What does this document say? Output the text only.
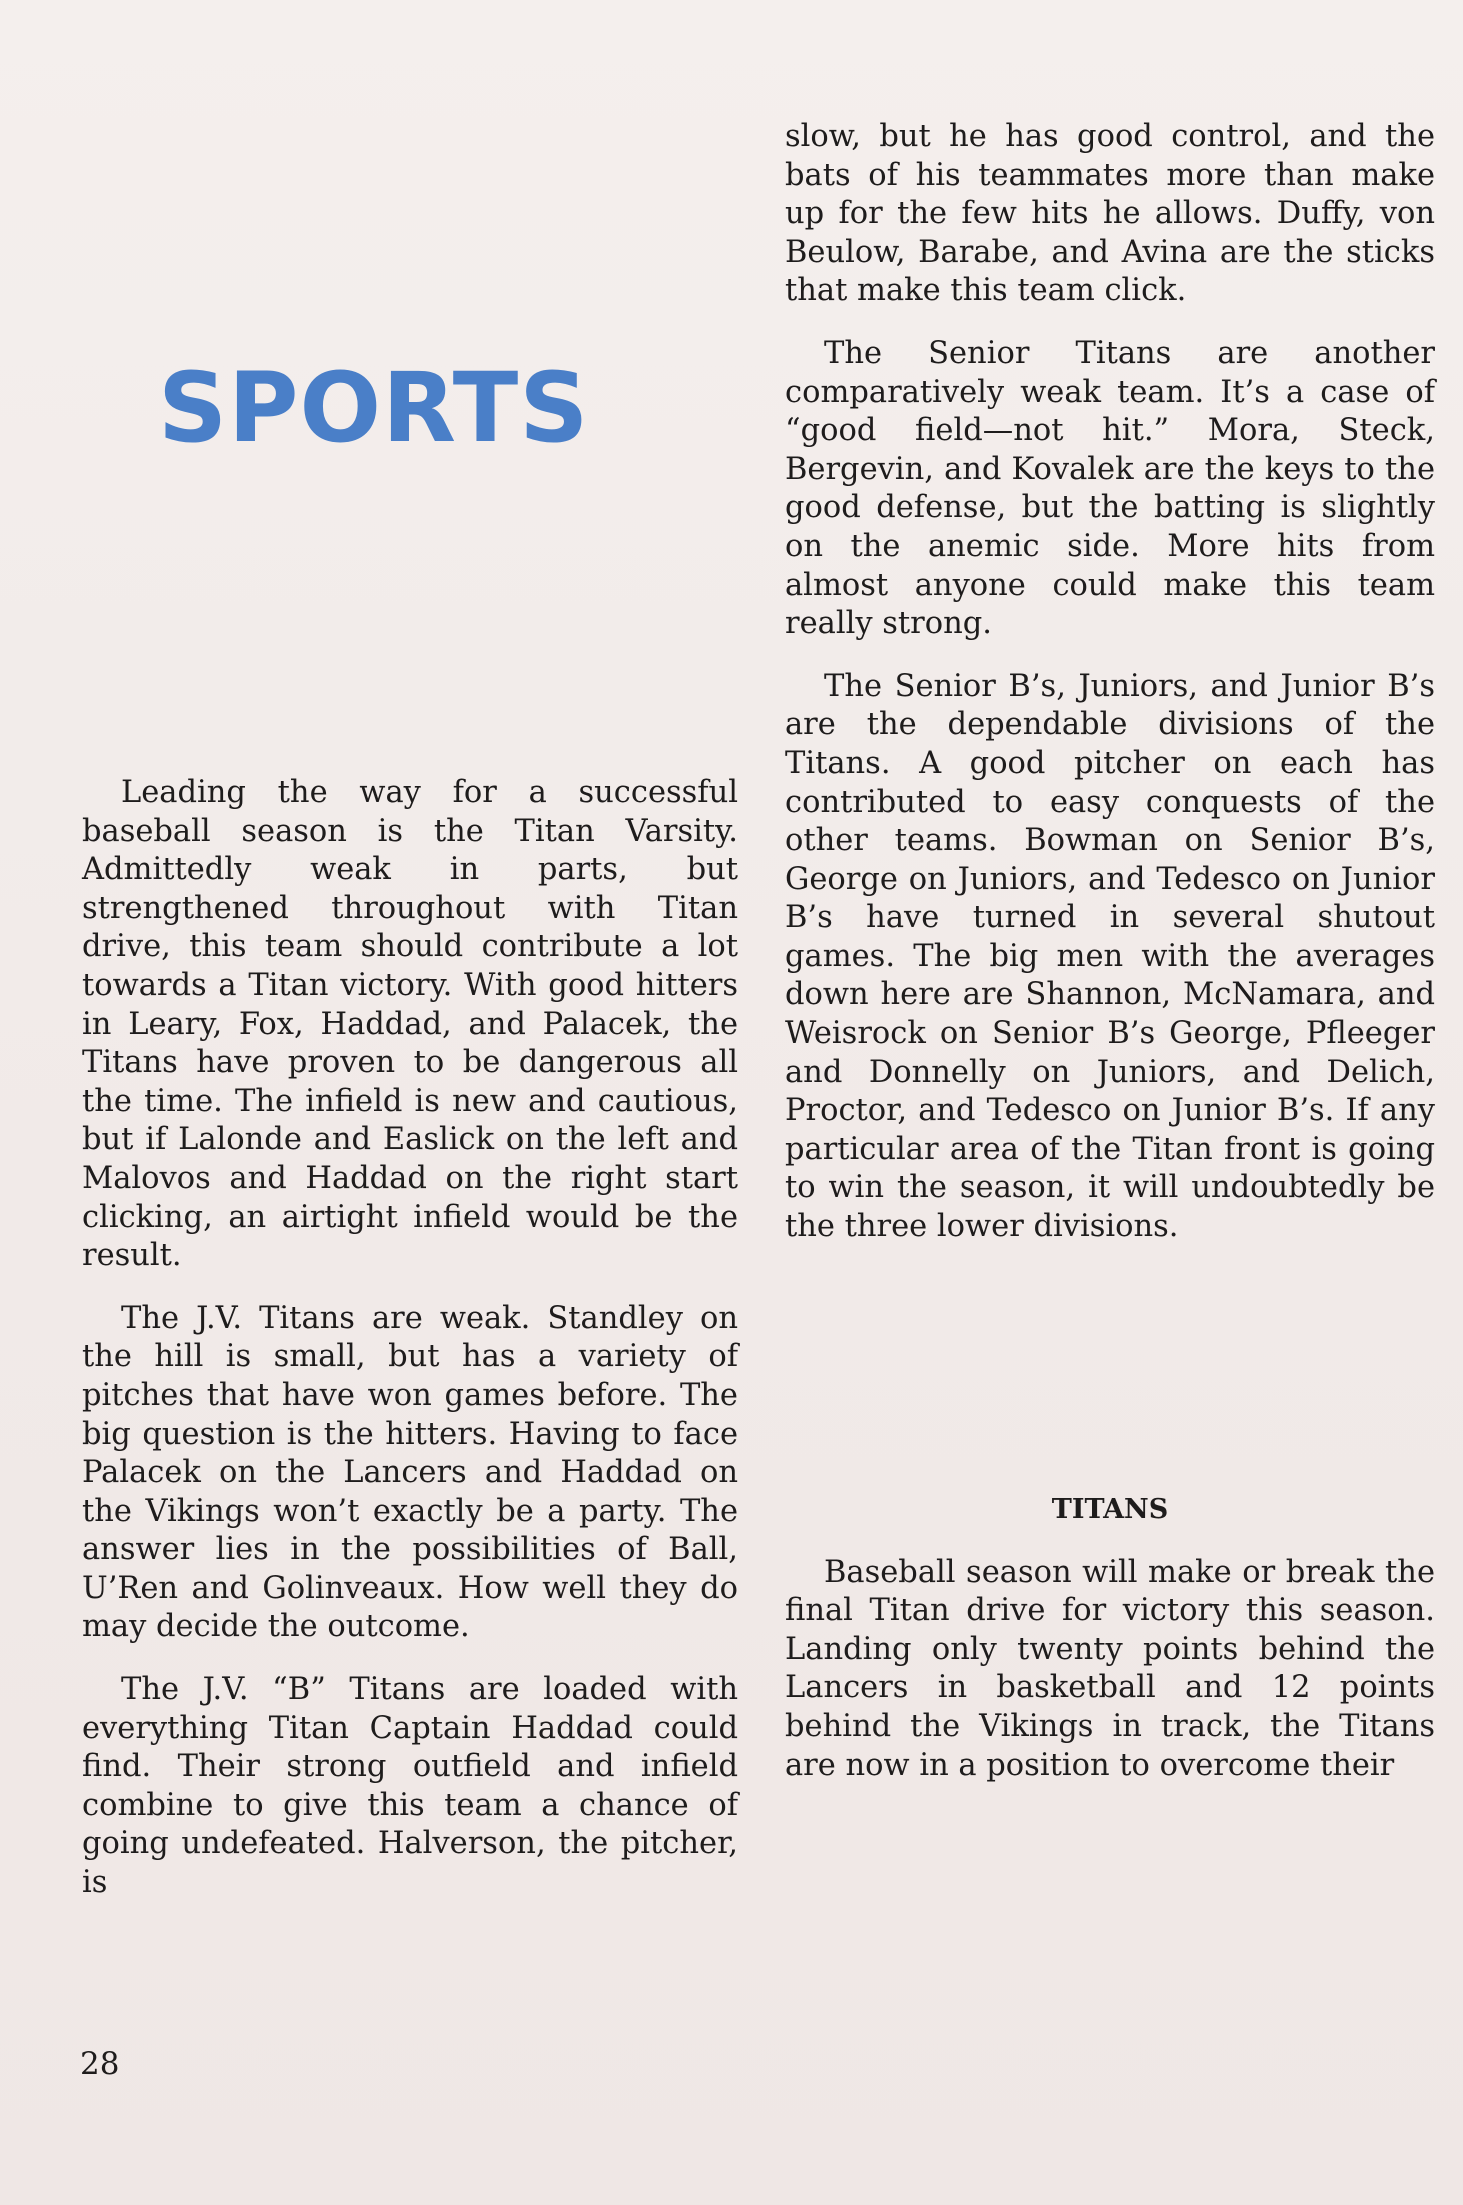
SPORTS

Leading the way for a successful baseball season is the Titan Varsity. Admittedly weak in parts, but strengthened throughout with Titan drive, this team should contribute a lot towards a Titan victory. With good hitters in Leary, Fox, Haddad, and Palacek, the Titans have proven to be dangerous all the time. The infield is new and cautious, but if Lalonde and Easlick on the left and Malovos and Haddad on the right start clicking, an airtight infield would be the result.

The J.V. Titans are weak. Standley on the hill is small, but has a variety of pitches that have won games before. The big question is the hitters. Having to face Palacek on the Lancers and Haddad on the Vikings won’t exactly be a party. The answer lies in the possibilities of Ball, U’Ren and Golinveaux. How well they do may decide the outcome.

The J.V. “B” Titans are loaded with everything Titan Captain Haddad could find. Their strong outfield and infield combine to give this team a chance of going undefeated. Halverson, the pitcher, is

slow, but he has good control, and the bats of his teammates more than make up for the few hits he allows. Duffy, von Beulow, Barabe, and Avina are the sticks that make this team click.

The Senior Titans are another comparatively weak team. It’s a case of “good field—not hit.” Mora, Steck, Bergevin, and Kovalek are the keys to the good defense, but the batting is slightly on the anemic side. More hits from almost anyone could make this team really strong.

The Senior B’s, Juniors, and Junior B’s are the dependable divisions of the Titans. A good pitcher on each has contributed to easy conquests of the other teams. Bowman on Senior B’s, George on Juniors, and Tedesco on Junior B’s have turned in several shutout games. The big men with the averages down here are Shannon, McNamara, and Weisrock on Senior B’s George, Pfleeger and Donnelly on Juniors, and Delich, Proctor, and Tedesco on Junior B’s. If any particular area of the Titan front is going to win the season, it will undoubtedly be the three lower divisions.

TITANS

Baseball season will make or break the final Titan drive for victory this season. Landing only twenty points behind the Lancers in basketball and 12 points behind the Vikings in track, the Titans are now in a position to overcome their

28
